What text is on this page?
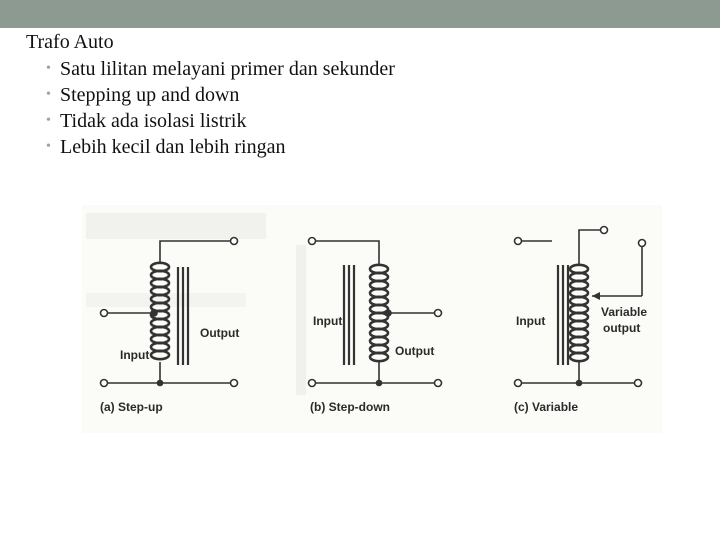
Trafo Auto
• Satu lilitan melayani primer dan sekunder
• Stepping up and down
• Tidak ada isolasi listrik
• Lebih kecil dan lebih ringan
Output
Input
(a) Step-up
Input
Output
(b) Step-down
Input
Variable
output
(c) Variable
